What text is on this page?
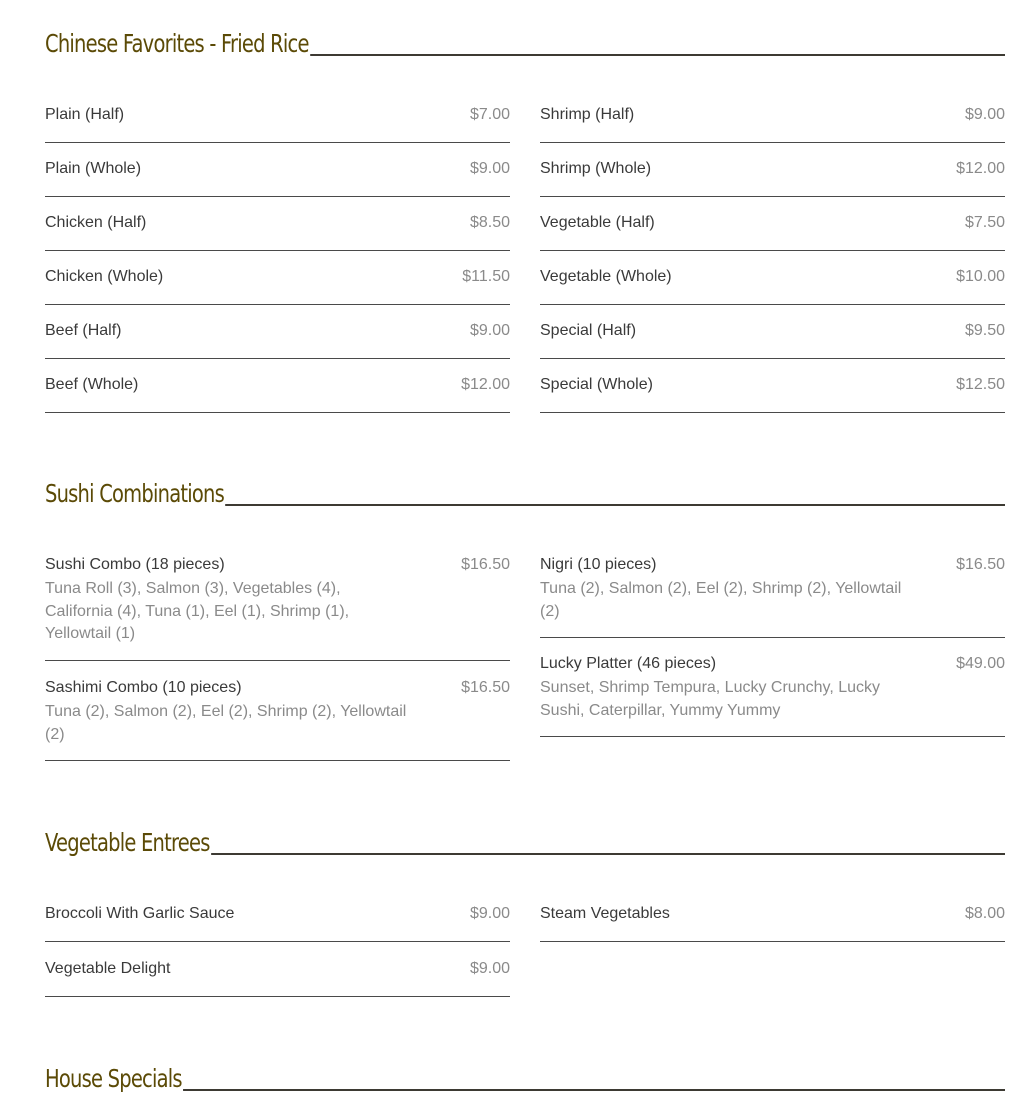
Chinese Favorites - Fried Rice
Plain (Half)	$7.00
Plain (Whole)	$9.00
Chicken (Half)	$8.50
Chicken (Whole)	$11.50
Beef (Half)	$9.00
Beef (Whole)	$12.00
Shrimp (Half)	$9.00
Shrimp (Whole)	$12.00
Vegetable (Half)	$7.50
Vegetable (Whole)	$10.00
Special (Half)	$9.50
Special (Whole)	$12.50
Sushi Combinations
Sushi Combo (18 pieces)	$16.50
Tuna Roll (3), Salmon (3), Vegetables (4), California (4), Tuna (1), Eel (1), Shrimp (1), Yellowtail (1)
Sashimi Combo (10 pieces)	$16.50
Tuna (2), Salmon (2), Eel (2), Shrimp (2), Yellowtail (2)
Nigri (10 pieces)	$16.50
Tuna (2), Salmon (2), Eel (2), Shrimp (2), Yellowtail (2)
Lucky Platter (46 pieces)	$49.00
Sunset, Shrimp Tempura, Lucky Crunchy, Lucky Sushi, Caterpillar, Yummy Yummy
Vegetable Entrees
Broccoli With Garlic Sauce	$9.00
Vegetable Delight	$9.00
Steam Vegetables	$8.00
House Specials
